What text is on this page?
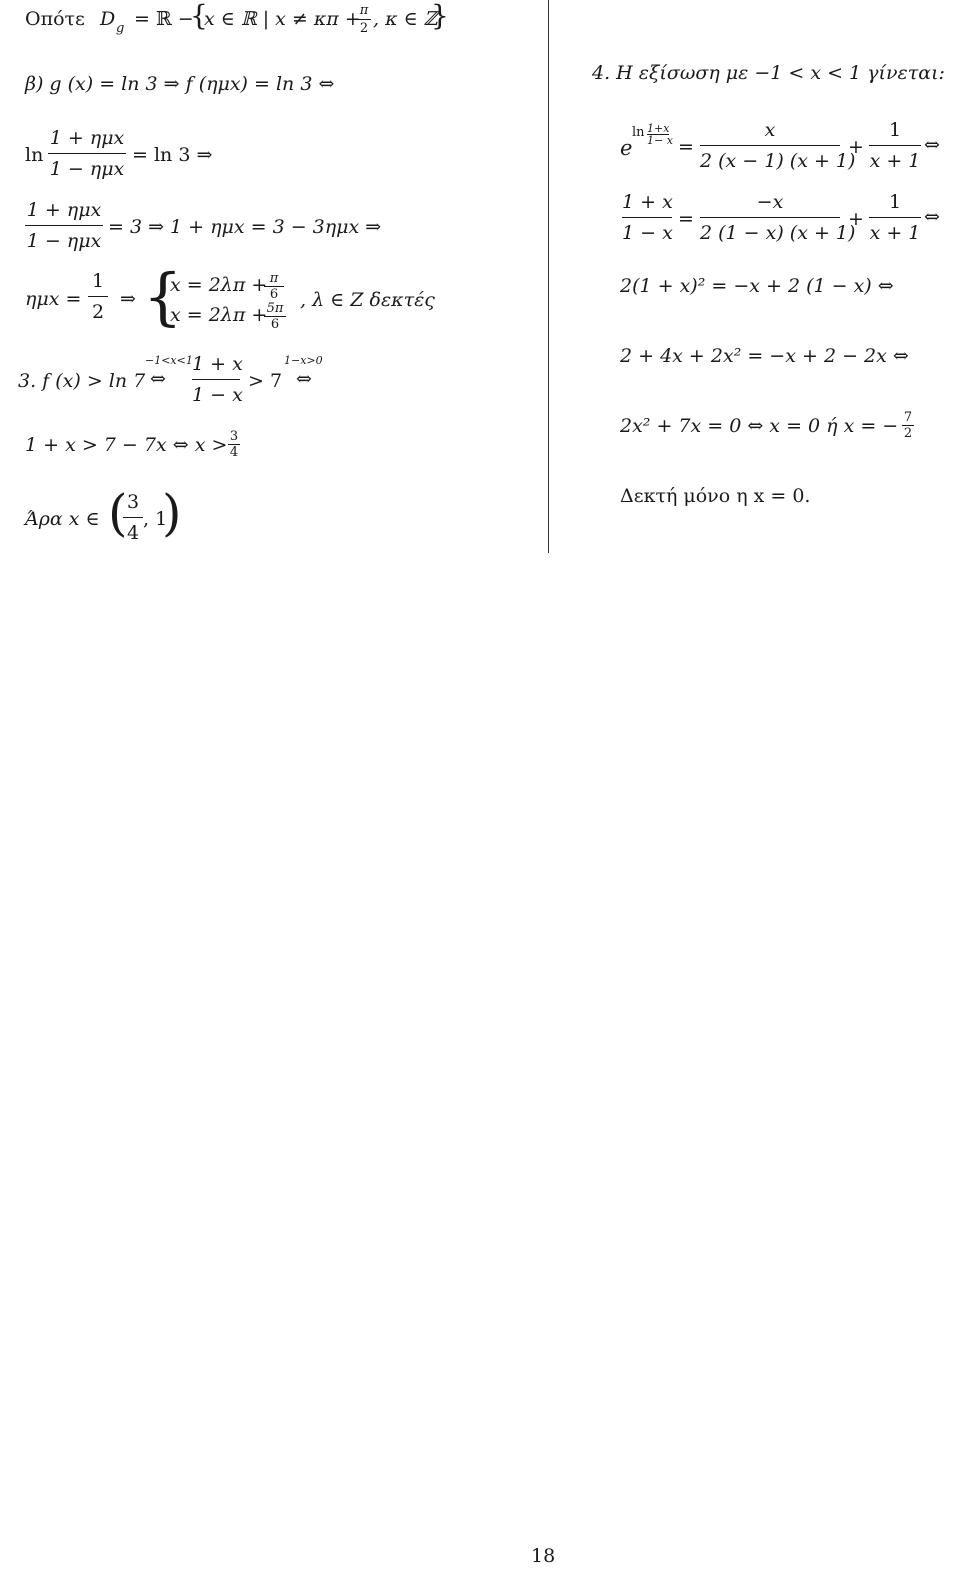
Οπότε D g = ℝ −
{
x ∈ ℝ | x ≠ κπ +
π
2 , κ ∈ ℤ
}
β) g (x) = ln 3 ⇒ f (ημx) = ln 3 ⇔
ln
1 + ημx
1 − ημx
= ln 3 ⇒
1 + ημx
1 − ημx
= 3 ⇒ 1 + ημx = 3 − 3ημx ⇒
ημx =
1
2
⇒ {
x = 2λπ + π
6
x = 2λπ + 5π
6
, λ ∈ Z δεκτές
3. f (x) > ln 7
−1<x<1
⇔
1 + x
1 − x
> 7
1−x>0
⇔
1 + x > 7 − 7x ⇔ x > 3
4
Άρα x ∈ ( 3
4
, 1
)
4. Η εξίσωση με −1 < x < 1 γίνεται:
e
ln 1+x
1− x =
x
2 (x − 1) (x + 1)
+
1
x + 1
⇔
1 + x
1 − x
=
−x
2 (1 − x) (x + 1)
+
1
x + 1
⇔
2(1 + x)² = −x + 2 (1 − x) ⇔
2 + 4x + 2x² = −x + 2 − 2x ⇔
2x² + 7x = 0 ⇔ x = 0 ή x = − 7
2
Δεκτή μόνο η x = 0.
18
